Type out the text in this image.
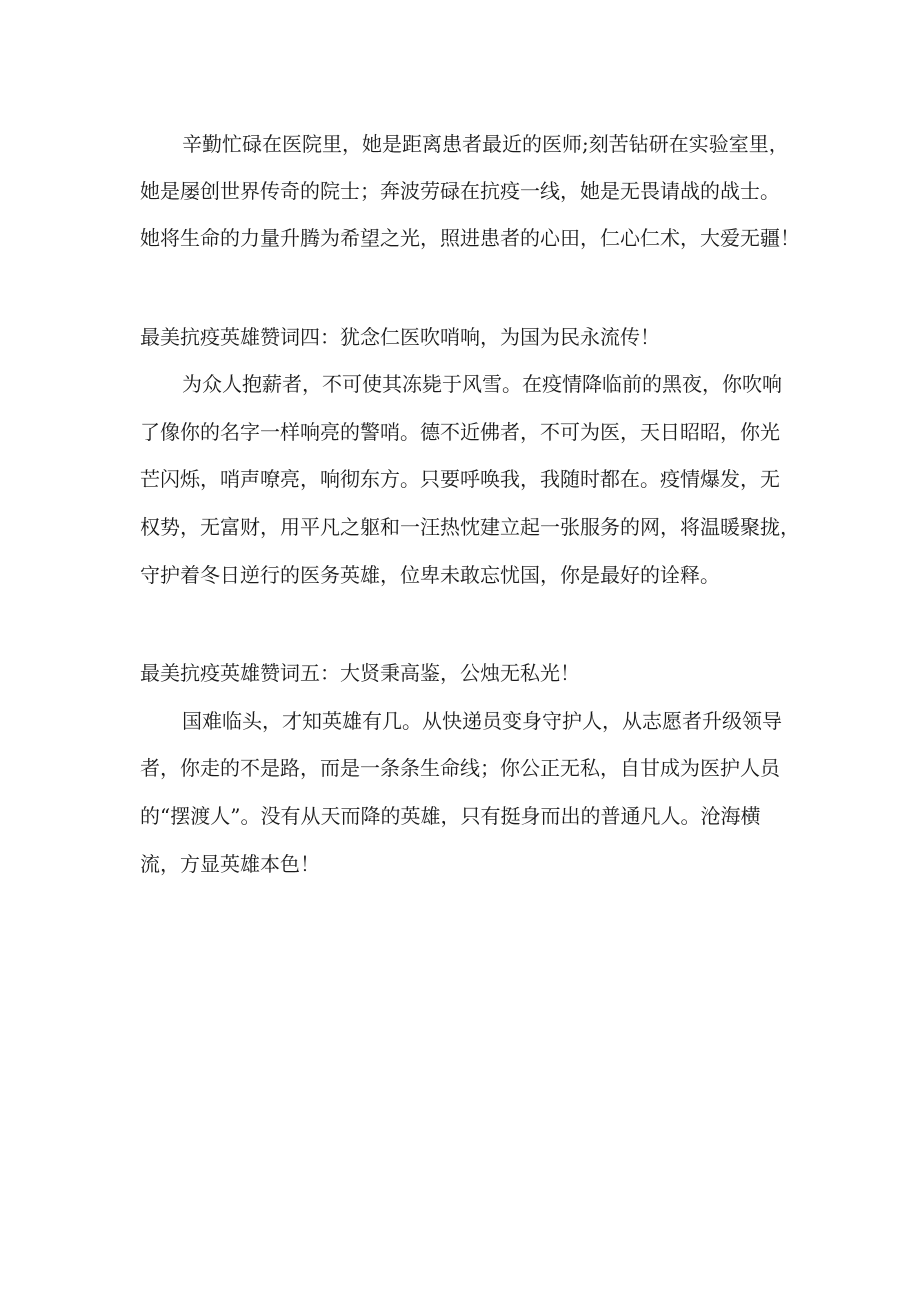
辛勤忙碌在医院里，她是距离患者最近的医师;刻苦钻研在实验室里，
她是屡创世界传奇的院士；奔波劳碌在抗疫一线，她是无畏请战的战士。
她将生命的力量升腾为希望之光，照进患者的心田，仁心仁术，大爱无疆！
最美抗疫英雄赞词四：犹念仁医吹哨响，为国为民永流传！
为众人抱薪者，不可使其冻毙于风雪。在疫情降临前的黑夜，你吹响
了像你的名字一样响亮的警哨。德不近佛者，不可为医，天日昭昭，你光
芒闪烁，哨声嘹亮，响彻东方。只要呼唤我，我随时都在。疫情爆发，无
权势，无富财，用平凡之躯和一汪热忱建立起一张服务的网，将温暖聚拢，
守护着冬日逆行的医务英雄，位卑未敢忘忧国，你是最好的诠释。
最美抗疫英雄赞词五：大贤秉高鉴，公烛无私光！
国难临头，才知英雄有几。从快递员变身守护人，从志愿者升级领导
者，你走的不是路，而是一条条生命线；你公正无私，自甘成为医护人员
的“摆渡人”。没有从天而降的英雄，只有挺身而出的普通凡人。沧海横
流，方显英雄本色！
